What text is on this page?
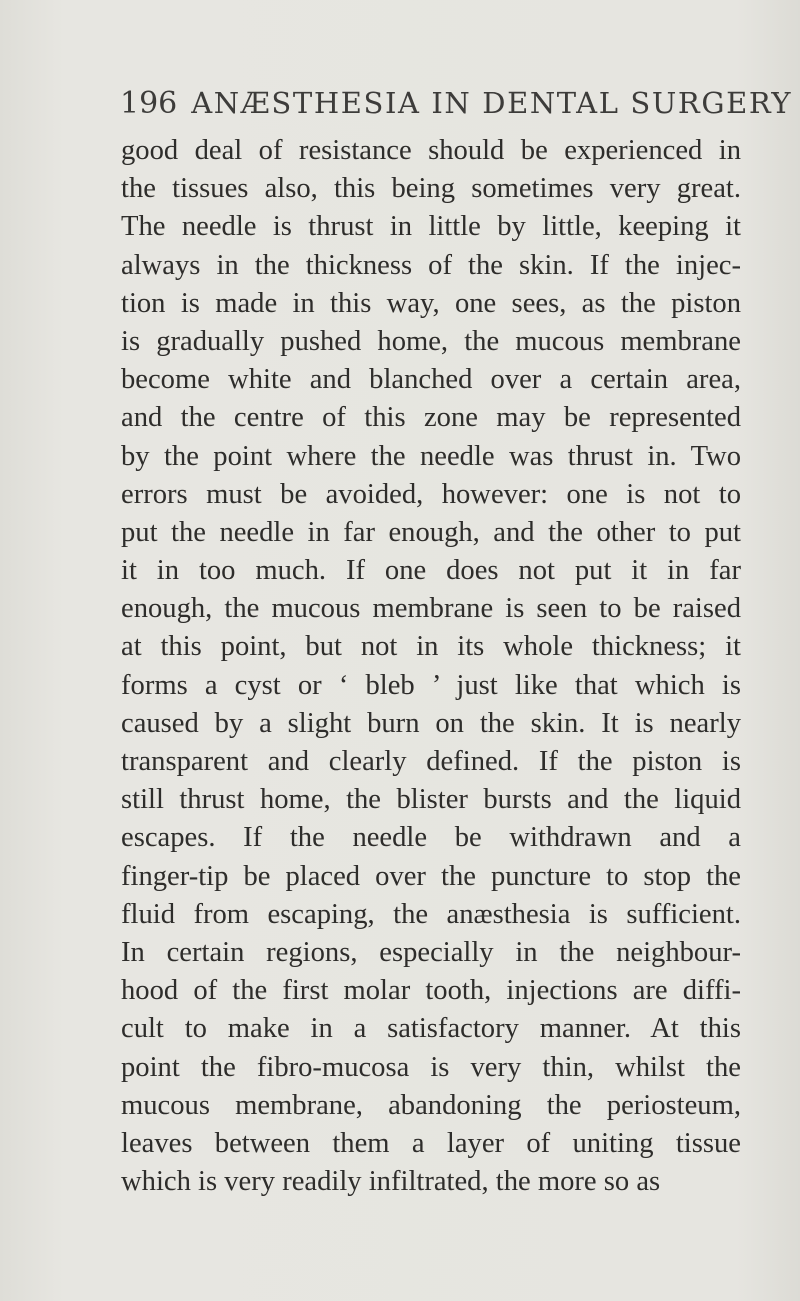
196 ANÆSTHESIA IN DENTAL SURGERY
good deal of resistance should be experienced in
the tissues also, this being sometimes very great.
The needle is thrust in little by little, keeping it
always in the thickness of the skin. If the injec-
tion is made in this way, one sees, as the piston
is gradually pushed home, the mucous membrane
become white and blanched over a certain area,
and the centre of this zone may be represented
by the point where the needle was thrust in. Two
errors must be avoided, however: one is not to
put the needle in far enough, and the other to put
it in too much. If one does not put it in far
enough, the mucous membrane is seen to be raised
at this point, but not in its whole thickness; it
forms a cyst or ‘ bleb ’ just like that which is
caused by a slight burn on the skin. It is nearly
transparent and clearly defined. If the piston is
still thrust home, the blister bursts and the liquid
escapes. If the needle be withdrawn and a
finger-tip be placed over the puncture to stop the
fluid from escaping, the anæsthesia is sufficient.
In certain regions, especially in the neighbour-
hood of the first molar tooth, injections are diffi-
cult to make in a satisfactory manner. At this
point the fibro-mucosa is very thin, whilst the
mucous membrane, abandoning the periosteum,
leaves between them a layer of uniting tissue
which is very readily infiltrated, the more so as
